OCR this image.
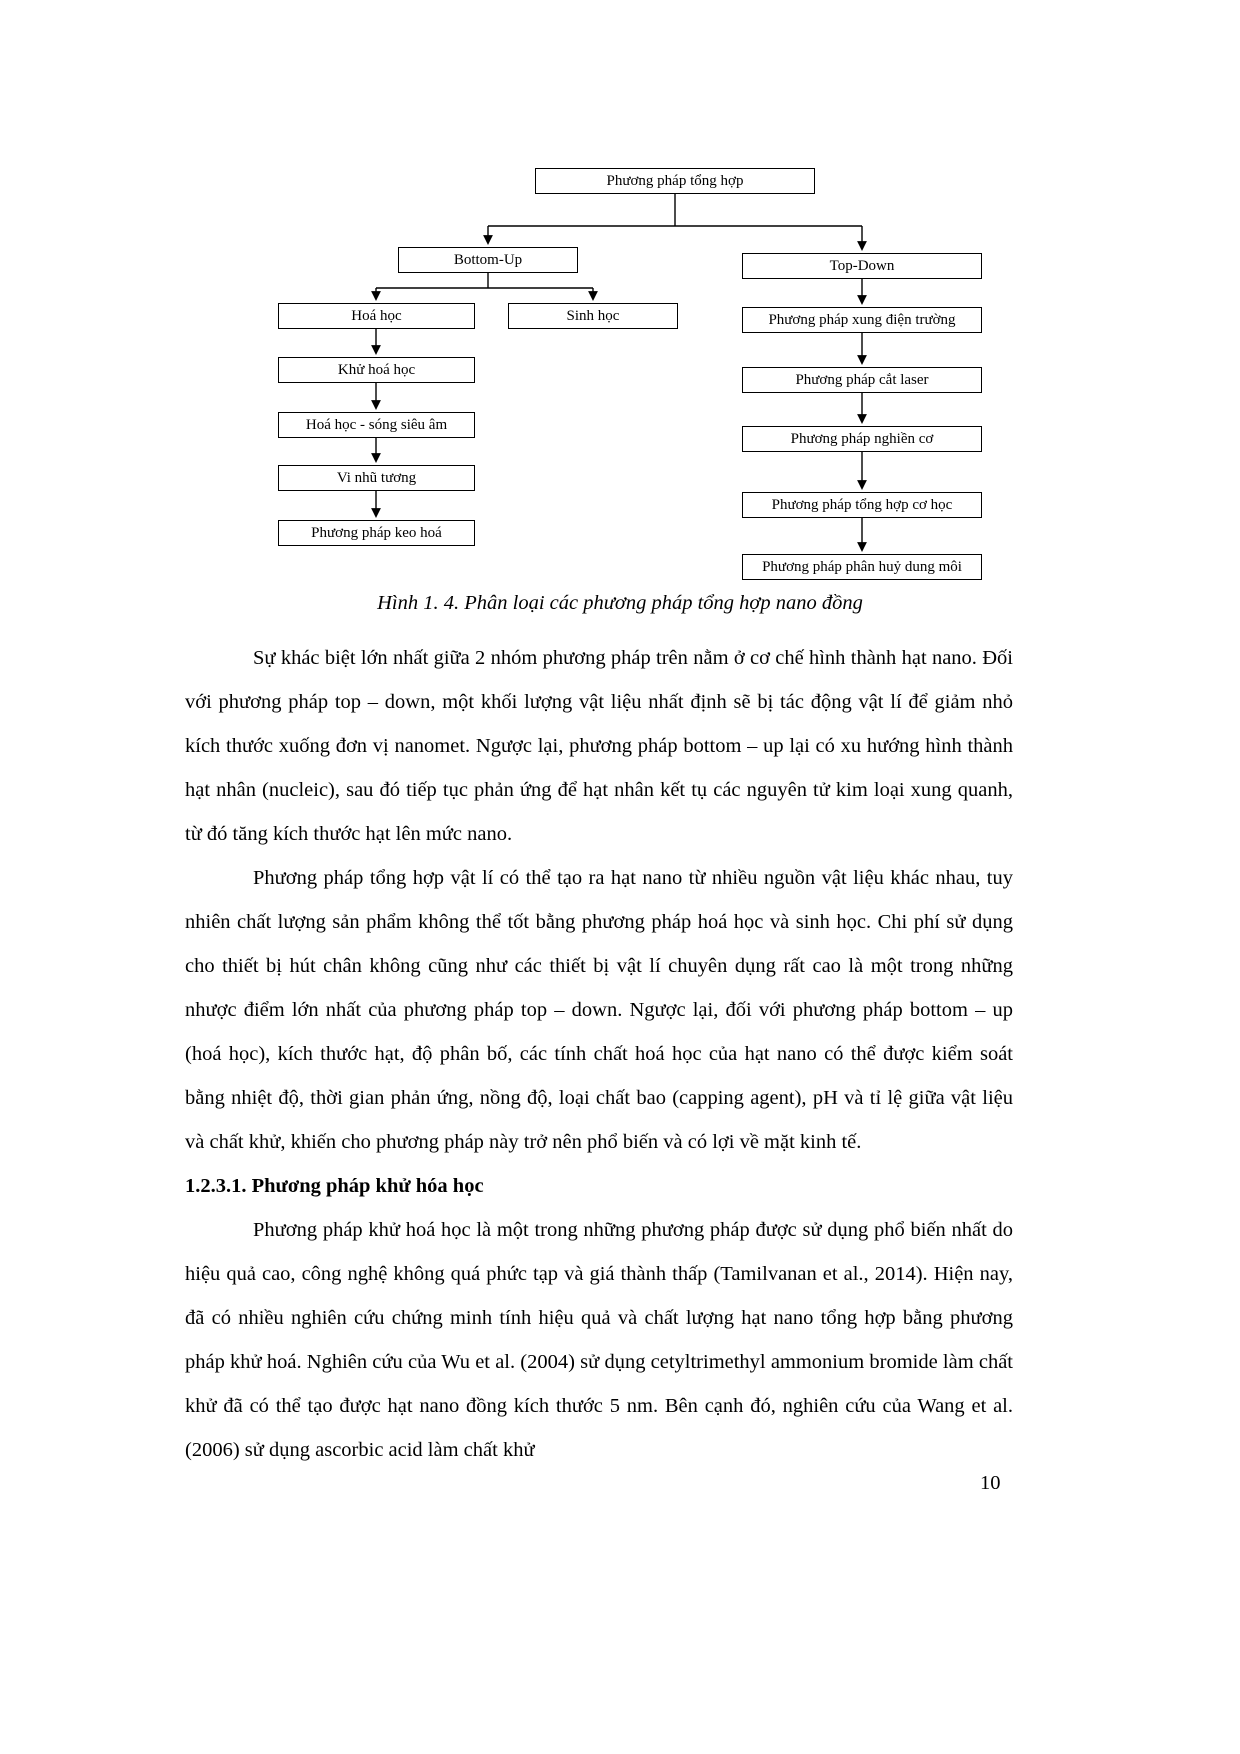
Phương pháp tổng hợp
Bottom-Up	Top-Down
Hoá học	Sinh học
Khử hoá học
Hoá học - sóng siêu âm
Vi nhũ tương
Phương pháp keo hoá
Phương pháp xung điện trường
Phương pháp cắt laser
Phương pháp nghiền cơ
Phương pháp tổng hợp cơ học
Phương pháp phân huỷ dung môi
Hình 1. 4. Phân loại các phương pháp tổng hợp nano đồng

Sự khác biệt lớn nhất giữa 2 nhóm phương pháp trên nằm ở cơ chế hình thành hạt nano. Đối với phương pháp top – down, một khối lượng vật liệu nhất định sẽ bị tác động vật lí để giảm nhỏ kích thước xuống đơn vị nanomet. Ngược lại, phương pháp bottom – up lại có xu hướng hình thành hạt nhân (nucleic), sau đó tiếp tục phản ứng để hạt nhân kết tụ các nguyên tử kim loại xung quanh, từ đó tăng kích thước hạt lên mức nano.

Phương pháp tổng hợp vật lí có thể tạo ra hạt nano từ nhiều nguồn vật liệu khác nhau, tuy nhiên chất lượng sản phẩm không thể tốt bằng phương pháp hoá học và sinh học. Chi phí sử dụng cho thiết bị hút chân không cũng như các thiết bị vật lí chuyên dụng rất cao là một trong những nhược điểm lớn nhất của phương pháp top – down. Ngược lại, đối với phương pháp bottom – up (hoá học), kích thước hạt, độ phân bố, các tính chất hoá học của hạt nano có thể được kiểm soát bằng nhiệt độ, thời gian phản ứng, nồng độ, loại chất bao (capping agent), pH và tỉ lệ giữa vật liệu và chất khử, khiến cho phương pháp này trở nên phổ biến và có lợi về mặt kinh tế.

1.2.3.1. Phương pháp khử hóa học

Phương pháp khử hoá học là một trong những phương pháp được sử dụng phổ biến nhất do hiệu quả cao, công nghệ không quá phức tạp và giá thành thấp (Tamilvanan et al., 2014). Hiện nay, đã có nhiều nghiên cứu chứng minh tính hiệu quả và chất lượng hạt nano tổng hợp bằng phương pháp khử hoá. Nghiên cứu của Wu et al. (2004) sử dụng cetyltrimethyl ammonium bromide làm chất khử đã có thể tạo được hạt nano đồng kích thước 5 nm. Bên cạnh đó, nghiên cứu của Wang et al. (2006) sử dụng ascorbic acid làm chất khử

10
